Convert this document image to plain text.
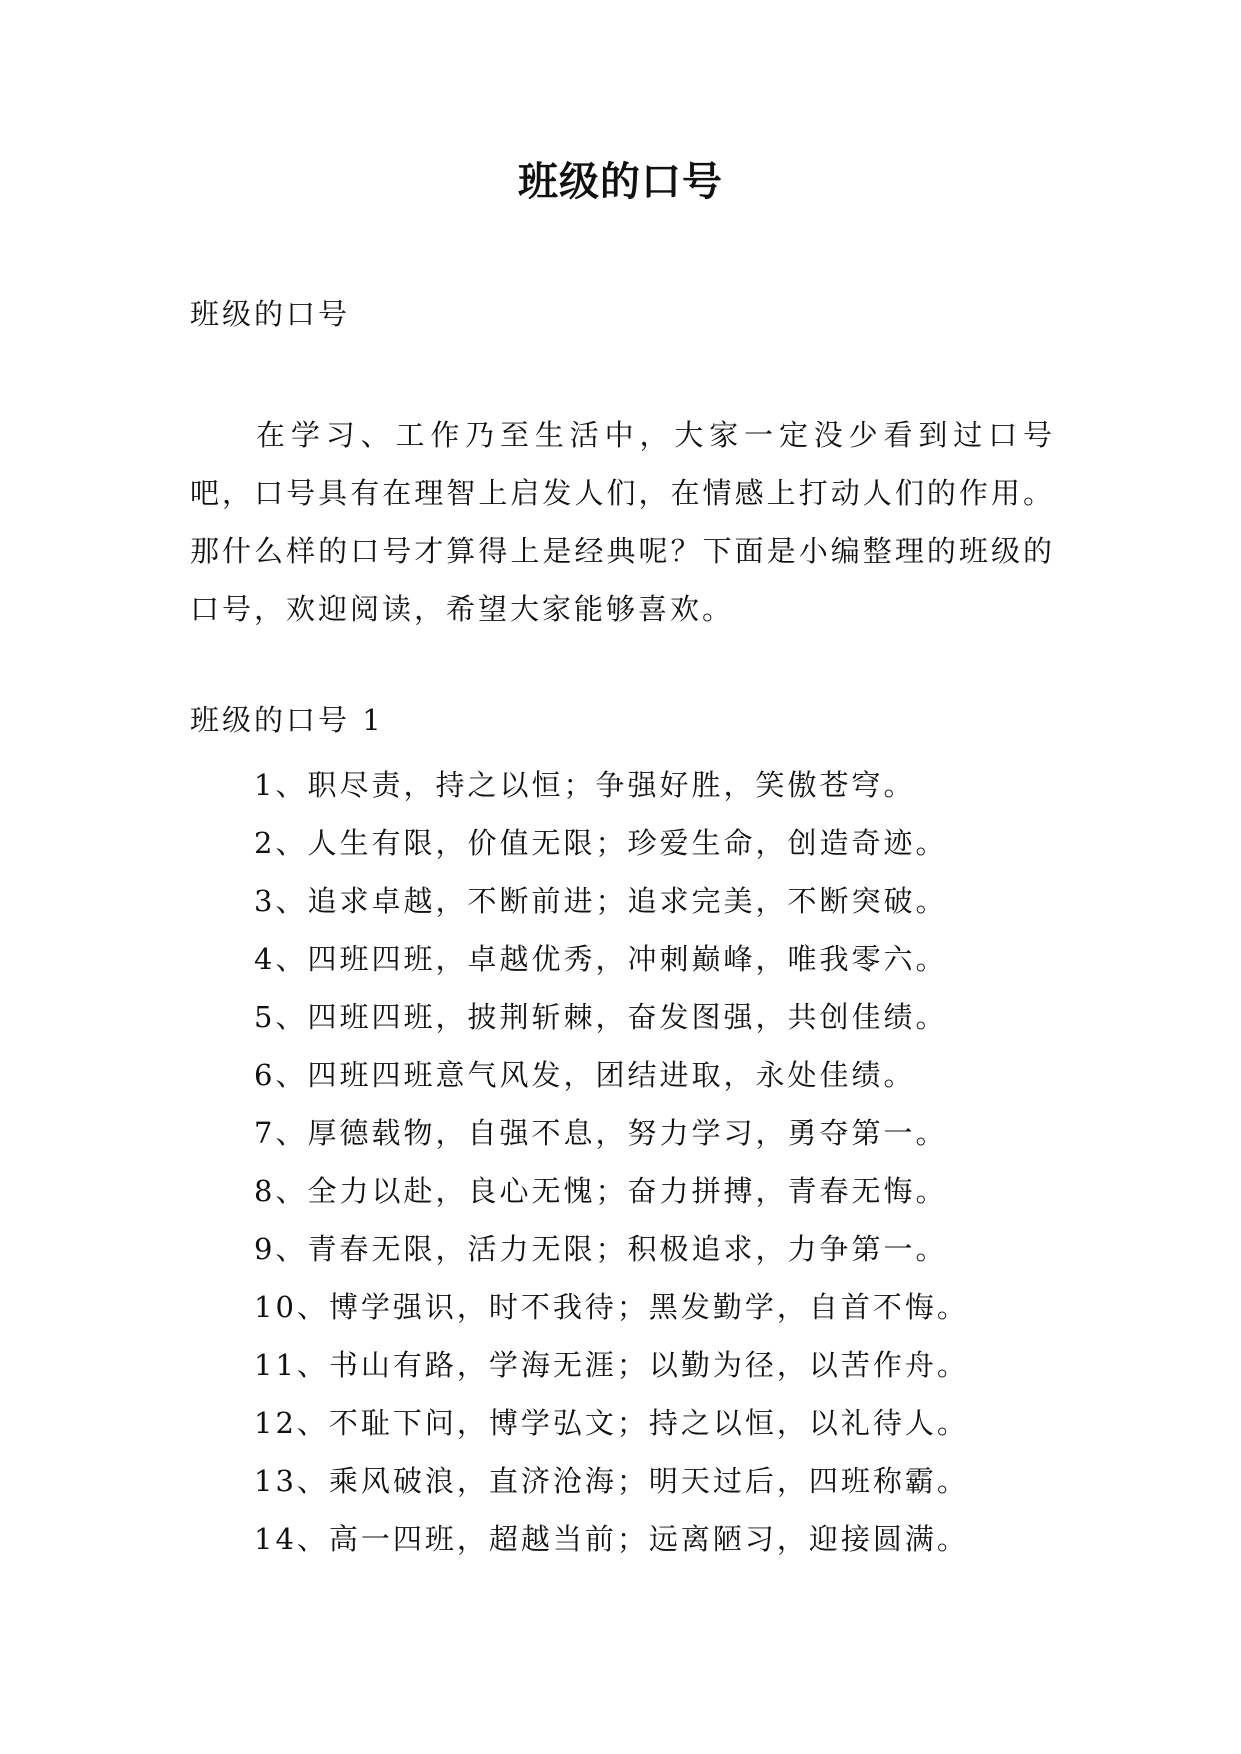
班级的口号
班级的口号

在学习、工作乃至生活中，大家一定没少看到过口号吧，口号具有在理智上启发人们，在情感上打动人们的作用。那什么样的口号才算得上是经典呢？下面是小编整理的班级的口号，欢迎阅读，希望大家能够喜欢。

班级的口号 1
1、职尽责，持之以恒；争强好胜，笑傲苍穹。
2、人生有限，价值无限；珍爱生命，创造奇迹。
3、追求卓越，不断前进；追求完美，不断突破。
4、四班四班，卓越优秀，冲刺巅峰，唯我零六。
5、四班四班，披荆斩棘，奋发图强，共创佳绩。
6、四班四班意气风发，团结进取，永处佳绩。
7、厚德载物，自强不息，努力学习，勇夺第一。
8、全力以赴，良心无愧；奋力拼搏，青春无悔。
9、青春无限，活力无限；积极追求，力争第一。
10、博学强识，时不我待；黑发勤学，自首不悔。
11、书山有路，学海无涯；以勤为径，以苦作舟。
12、不耻下问，博学弘文；持之以恒，以礼待人。
13、乘风破浪，直济沧海；明天过后，四班称霸。
14、高一四班，超越当前；远离陋习，迎接圆满。
